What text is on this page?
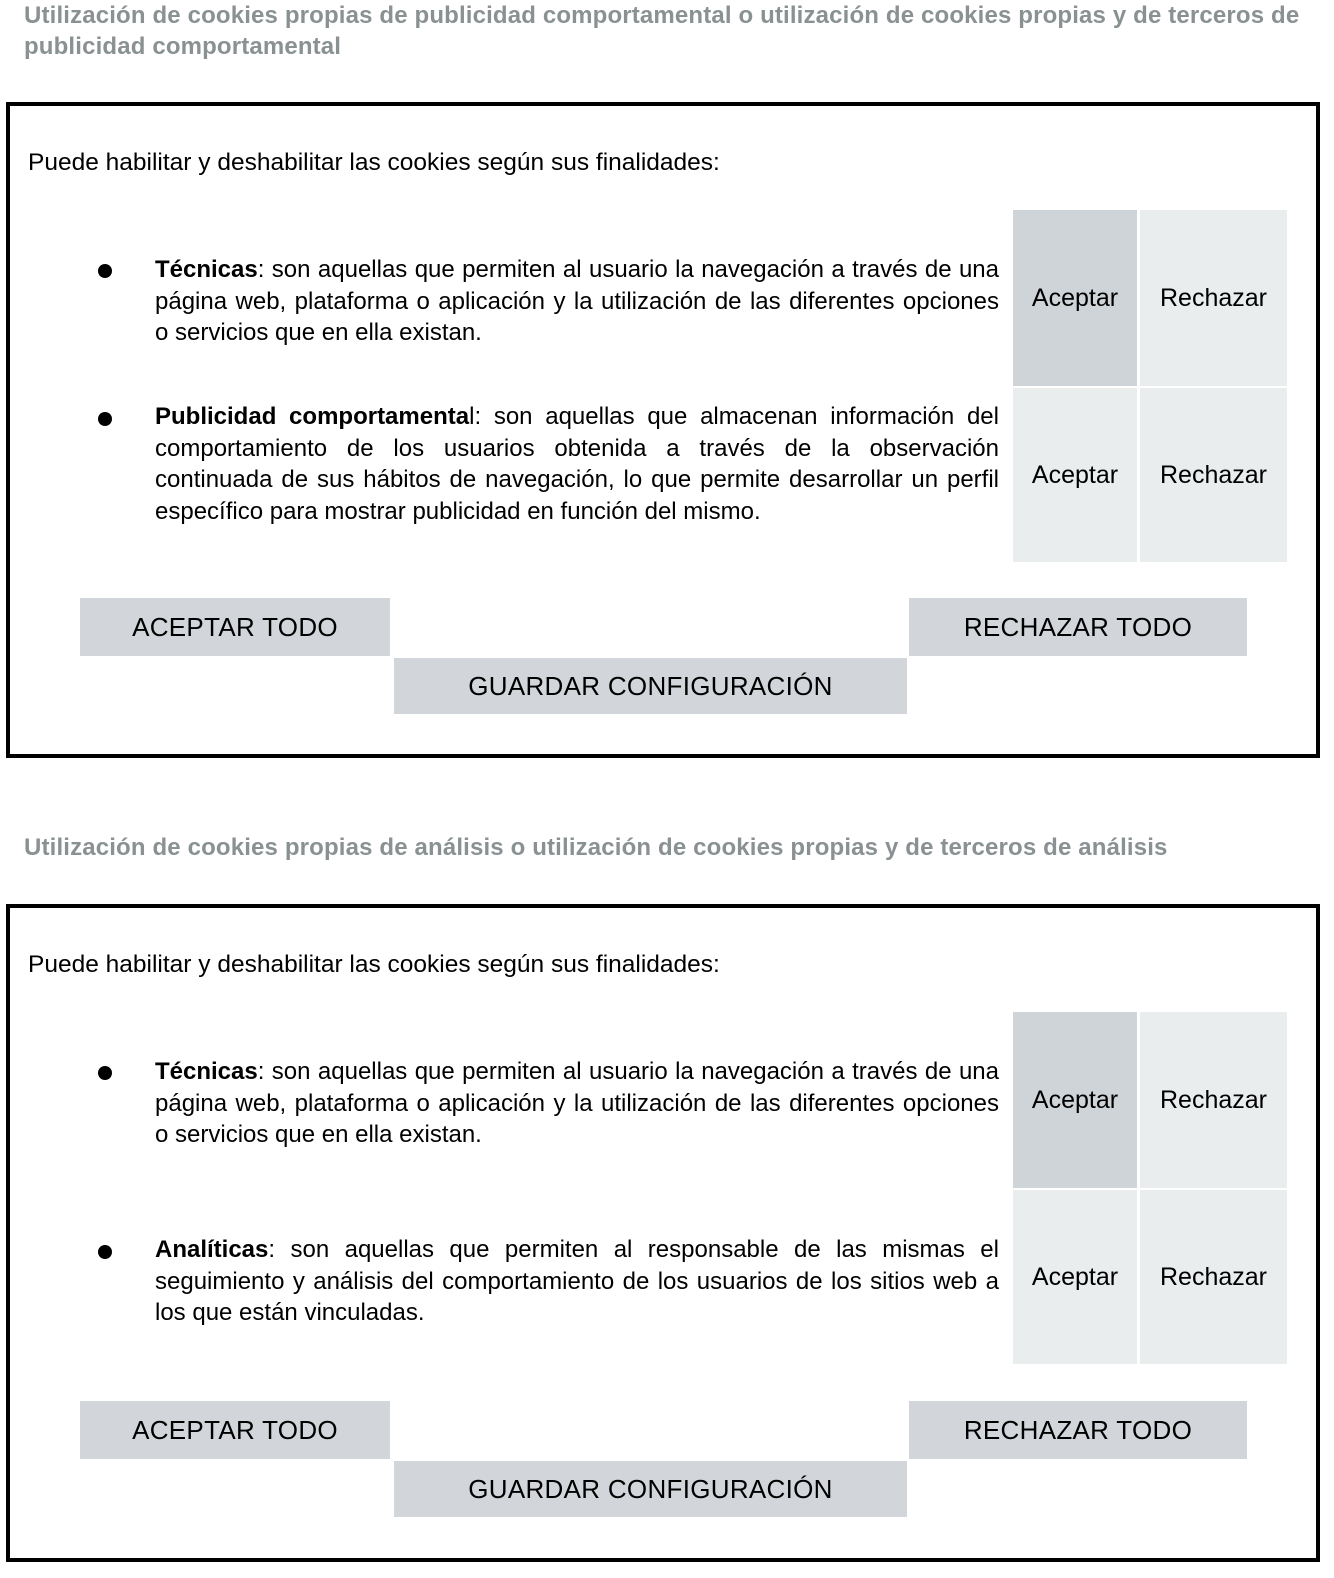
Utilización de cookies propias de publicidad comportamental o utilización de cookies propias y de terceros de publicidad comportamental
Puede habilitar y deshabilitar las cookies según sus finalidades:
Técnicas: son aquellas que permiten al usuario la navegación a través de una página web, plataforma o aplicación y la utilización de las diferentes opciones o servicios que en ella existan.
Aceptar	Rechazar
Publicidad comportamental: son aquellas que almacenan información del comportamiento de los usuarios obtenida a través de la observación continuada de sus hábitos de navegación, lo que permite desarrollar un perfil específico para mostrar publicidad en función del mismo.
Aceptar	Rechazar
ACEPTAR TODO	RECHAZAR TODO
GUARDAR CONFIGURACIÓN
Utilización de cookies propias de análisis o utilización de cookies propias y de terceros de análisis
Puede habilitar y deshabilitar las cookies según sus finalidades:
Técnicas: son aquellas que permiten al usuario la navegación a través de una página web, plataforma o aplicación y la utilización de las diferentes opciones o servicios que en ella existan.
Aceptar	Rechazar
Analíticas: son aquellas que permiten al responsable de las mismas el seguimiento y análisis del comportamiento de los usuarios de los sitios web a los que están vinculadas.
Aceptar	Rechazar
ACEPTAR TODO	RECHAZAR TODO
GUARDAR CONFIGURACIÓN
